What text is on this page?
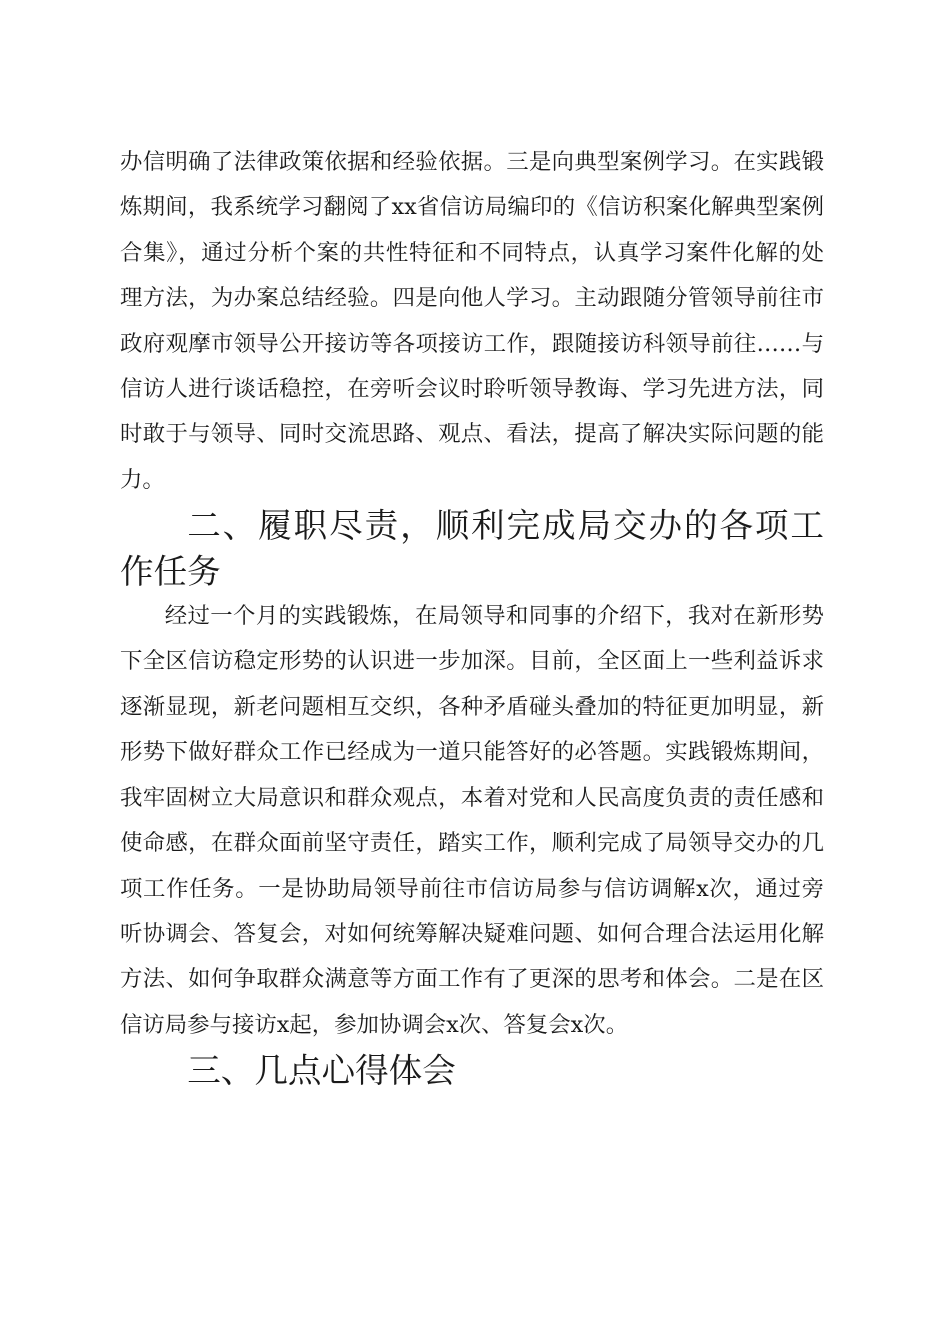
办信明确了法律政策依据和经验依据。三是向典型案例学习。在实践锻炼期间，我系统学习翻阅了xx省信访局编印的《信访积案化解典型案例合集》，通过分析个案的共性特征和不同特点，认真学习案件化解的处理方法，为办案总结经验。四是向他人学习。主动跟随分管领导前往市政府观摩市领导公开接访等各项接访工作，跟随接访科领导前往……与信访人进行谈话稳控，在旁听会议时聆听领导教诲、学习先进方法，同时敢于与领导、同时交流思路、观点、看法，提高了解决实际问题的能力。

二、履职尽责，顺利完成局交办的各项工作任务

经过一个月的实践锻炼，在局领导和同事的介绍下，我对在新形势下全区信访稳定形势的认识进一步加深。目前，全区面上一些利益诉求逐渐显现，新老问题相互交织，各种矛盾碰头叠加的特征更加明显，新形势下做好群众工作已经成为一道只能答好的必答题。实践锻炼期间，我牢固树立大局意识和群众观点，本着对党和人民高度负责的责任感和使命感，在群众面前坚守责任，踏实工作，顺利完成了局领导交办的几项工作任务。一是协助局领导前往市信访局参与信访调解x次，通过旁听协调会、答复会，对如何统筹解决疑难问题、如何合理合法运用化解方法、如何争取群众满意等方面工作有了更深的思考和体会。二是在区信访局参与接访x起，参加协调会x次、答复会x次。

三、几点心得体会
